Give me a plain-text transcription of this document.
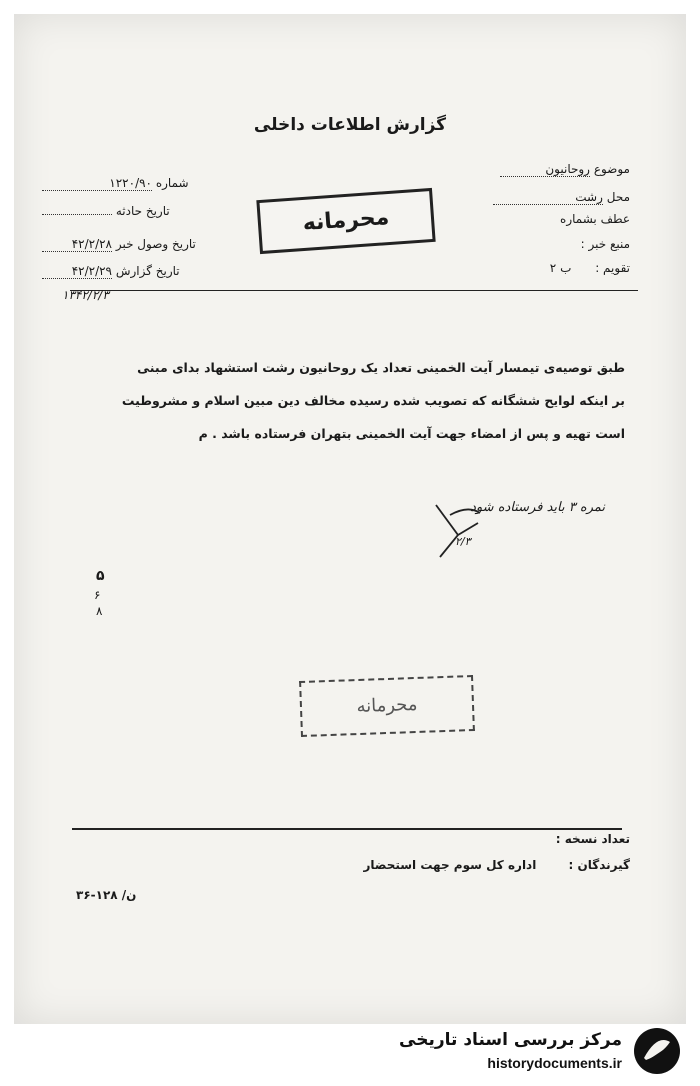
گزارش اطلاعات داخلی
موضوع روحانیون
محل رشت
عطف بشماره
منبع خبر :
تقویم : ب ۲
شماره ۱۲۲۰/۹۰
تاریخ حادثه
تاریخ وصول خبر ۴۲/۲/۲۸
تاریخ گزارش ۴۲/۲/۲۹
۱۳۴۲/۲/۳
محرمانه
طبق توصیه‌ی تیمسار آیت الخمینی تعداد یک روحانیون رشت استشهاد بدای مبنی
بر اینکه لوایح ششگانه که تصویب شده رسیده مخالف دین مبین اسلام و مشروطیت
است تهیه و پس از امضاء جهت آیت الخمینی بتهران فرستاده باشد . م
نمره ۳ باید فرستاده شود
۲/۳
۵
۶
۸
محرمانه
تعداد نسخه :
گیرندگان : اداره کل سوم جهت استحضار
ن/ ۱۲۸-۳۶
مرکز بررسی اسناد تاریخی
historydocuments.ir
